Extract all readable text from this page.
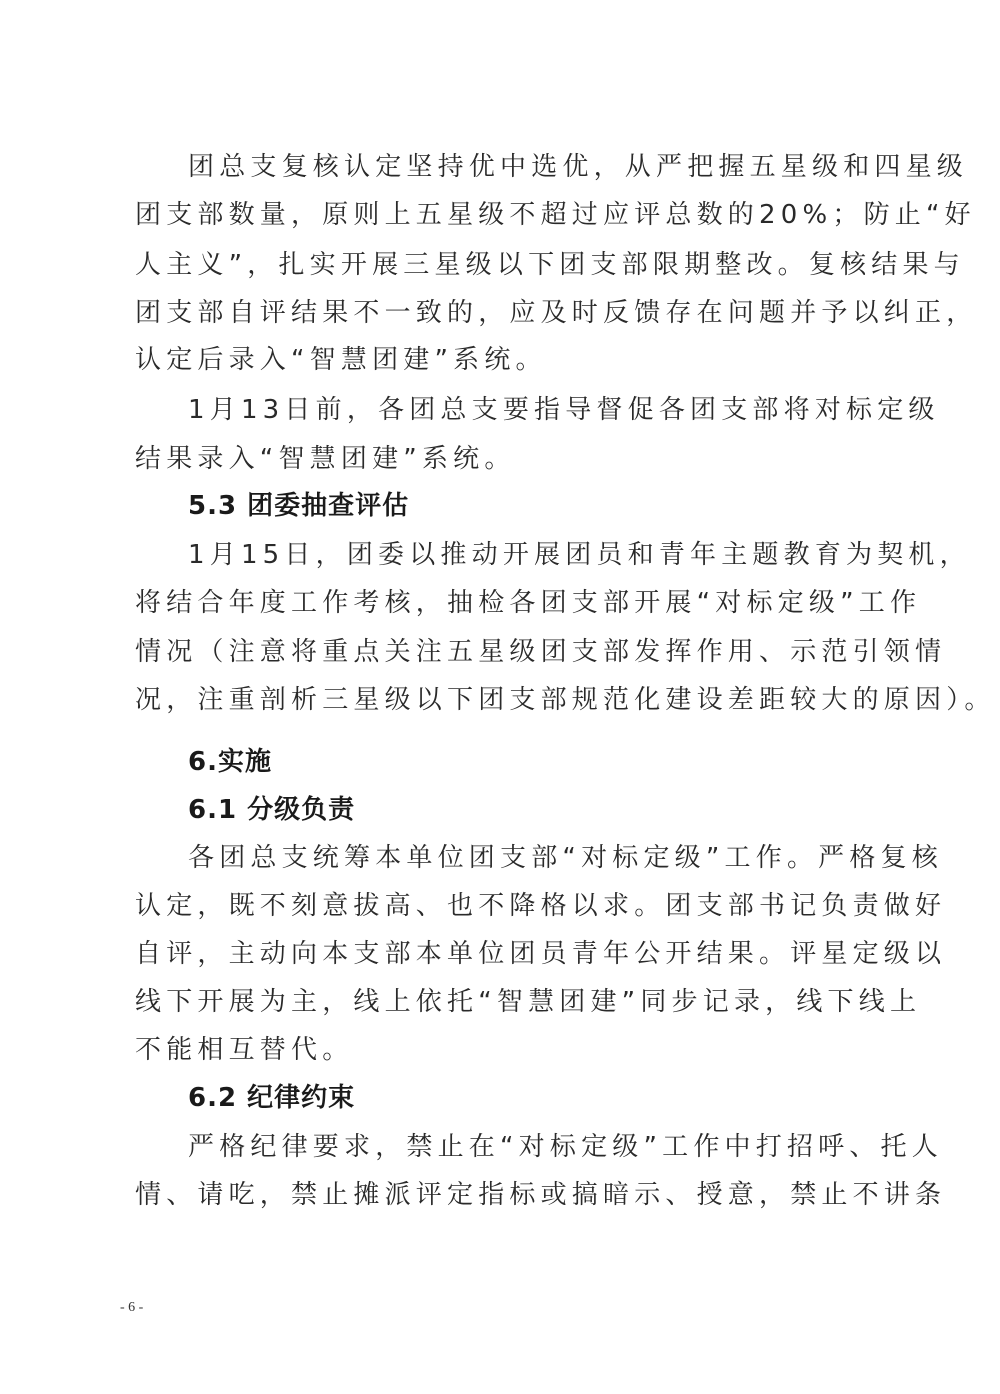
团总支复核认定坚持优中选优，从严把握五星级和四星级
团支部数量，原则上五星级不超过应评总数的20%；防止“好
人主义”，扎实开展三星级以下团支部限期整改。复核结果与
团支部自评结果不一致的，应及时反馈存在问题并予以纠正，
认定后录入“智慧团建”系统。
1月13日前，各团总支要指导督促各团支部将对标定级
结果录入“智慧团建”系统。
5.3 团委抽查评估
1月15日，团委以推动开展团员和青年主题教育为契机，
将结合年度工作考核，抽检各团支部开展“对标定级”工作
情况（注意将重点关注五星级团支部发挥作用、示范引领情
况，注重剖析三星级以下团支部规范化建设差距较大的原因）。
6.实施
6.1 分级负责
各团总支统筹本单位团支部“对标定级”工作。严格复核
认定，既不刻意拔高、也不降格以求。团支部书记负责做好
自评，主动向本支部本单位团员青年公开结果。评星定级以
线下开展为主，线上依托“智慧团建”同步记录，线下线上
不能相互替代。
6.2 纪律约束
严格纪律要求，禁止在“对标定级”工作中打招呼、托人
情、请吃，禁止摊派评定指标或搞暗示、授意，禁止不讲条
- 6 -
